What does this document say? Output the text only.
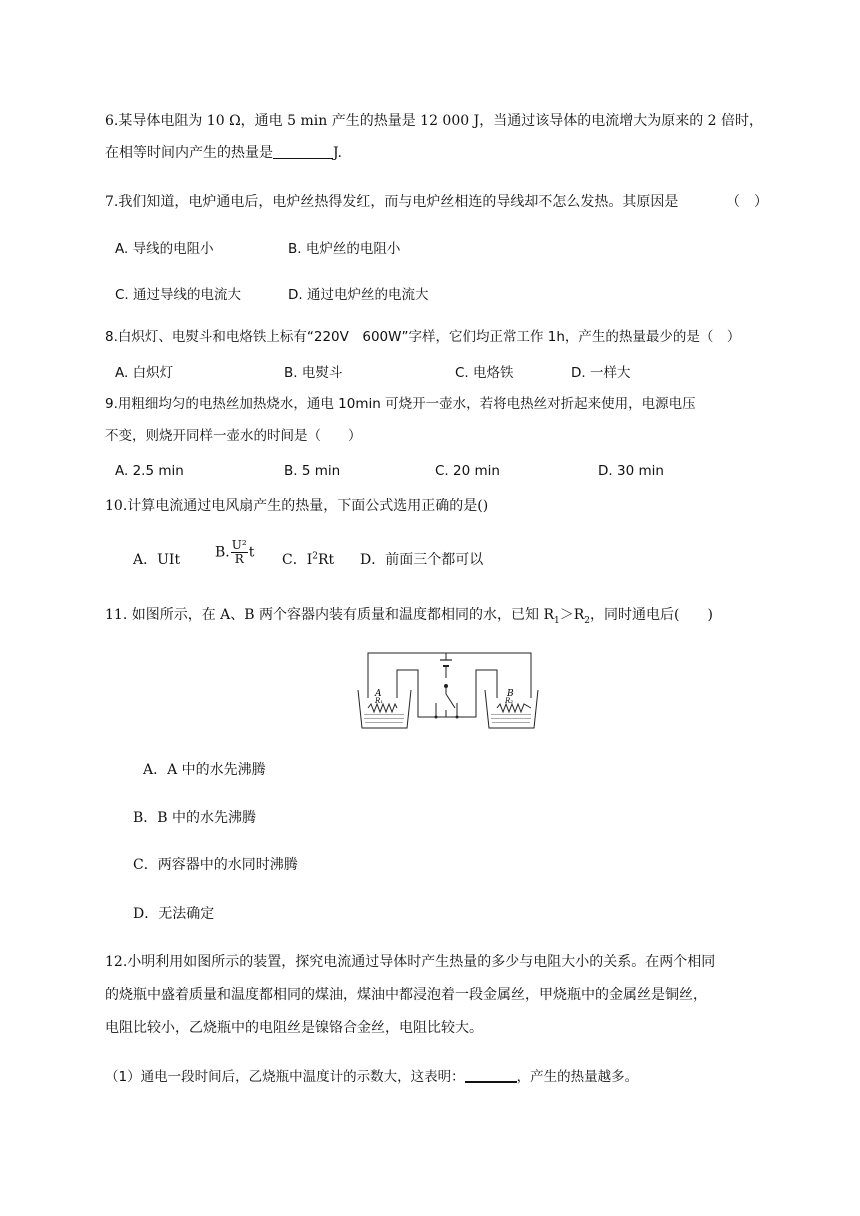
6.某导体电阻为 10 Ω，通电 5 min 产生的热量是 12 000 J，当通过该导体的电流增大为原来的 2 倍时，
在相等时间内产生的热量是	J.
7.我们知道，电炉通电后，电炉丝热得发红，而与电炉丝相连的导线却不怎么发热。其原因是	（　）
A. 导线的电阻小	B. 电炉丝的电阻小
C. 通过导线的电流大	D. 通过电炉丝的电流大
8.白炽灯、电熨斗和电烙铁上标有“220V　600W”字样，它们均正常工作 1h，产生的热量最少的是（　）
A. 白炽灯	B. 电熨斗	C. 电烙铁	D. 一样大
9.用粗细均匀的电热丝加热烧水，通电 10min 可烧开一壶水，若将电热丝对折起来使用，电源电压
不变，则烧开同样一壶水的时间是（　　）
A. 2.5 min	B. 5 min	C. 20 min	D. 30 min
10.计算电流通过电风扇产生的热量，下面公式选用正确的是()
A．UIt B. $\frac{\text{U²}}{R}$ t C．$I^2Rt$ D．前面三个都可以
11. 如图所示，在 A、B 两个容器内装有质量和温度都相同的水，已知 $R_1>R_2$，同时通电后(　　)
A	B
R₁	R₂
A．A 中的水先沸腾
B．B 中的水先沸腾
C．两容器中的水同时沸腾
D．无法确定
12.小明利用如图所示的装置，探究电流通过导体时产生热量的多少与电阻大小的关系。在两个相同
的烧瓶中盛着质量和温度都相同的煤油，煤油中都浸泡着一段金属丝，甲烧瓶中的金属丝是铜丝，
电阻比较小，乙烧瓶中的电阻丝是镍铬合金丝，电阻比较大。
（1）通电一段时间后，乙烧瓶中温度计的示数大，这表明：	，产生的热量越多。
